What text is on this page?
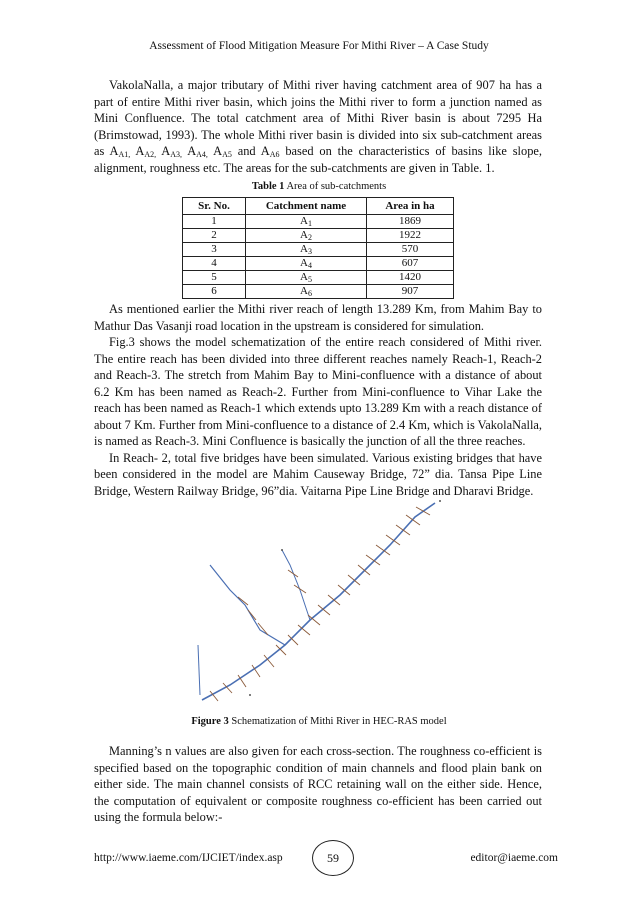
Assessment of Flood Mitigation Measure For Mithi River – A Case Study

VakolaNalla, a major tributary of Mithi river having catchment area of 907 ha has a part of entire Mithi river basin, which joins the Mithi river to form a junction named as Mini Confluence. The total catchment area of Mithi River basin is about 7295 Ha (Brimstowad, 1993). The whole Mithi river basin is divided into six sub-catchment areas as $A_{A1,}$ $A_{A2,}$ $A_{A3,}$ $A_{A4,}$ $A_{A5}$ and $A_{A6}$ based on the characteristics of basins like slope, alignment, roughness etc. The areas for the sub-catchments are given in Table. 1.

Table 1 Area of sub-catchments
Sr. No.	Catchment name	Area in ha
1	$A_1$	1869
2	$A_2$	1922
3	$A_3$	570
4	$A_4$	607
5	$A_5$	1420
6	$A_6$	907

As mentioned earlier the Mithi river reach of length 13.289 Km, from Mahim Bay to Mathur Das Vasanji road location in the upstream is considered for simulation.

Fig.3 shows the model schematization of the entire reach considered of Mithi river. The entire reach has been divided into three different reaches namely Reach-1, Reach-2 and Reach-3. The stretch from Mahim Bay to Mini-confluence with a distance of about 6.2 Km has been named as Reach-2. Further from Mini-confluence to Vihar Lake the reach has been named as Reach-1 which extends upto 13.289 Km with a reach distance of about 7 Km. Further from Mini-confluence to a distance of 2.4 Km, which is VakolaNalla, is named as Reach-3. Mini Confluence is basically the junction of all the three reaches.

In Reach- 2, total five bridges have been simulated. Various existing bridges that have been considered in the model are Mahim Causeway Bridge, 72” dia. Tansa Pipe Line Bridge, Western Railway Bridge, 96”dia. Vaitarna Pipe Line Bridge and Dharavi Bridge.

Figure 3 Schematization of Mithi River in HEC-RAS model

Manning’s n values are also given for each cross-section. The roughness co-efficient is specified based on the topographic condition of main channels and flood plain bank on either side. The main channel consists of RCC retaining wall on the either side. Hence, the computation of equivalent or composite roughness co-efficient has been carried out using the formula below:-

http://www.iaeme.com/IJCIET/index.asp	59	editor@iaeme.com
